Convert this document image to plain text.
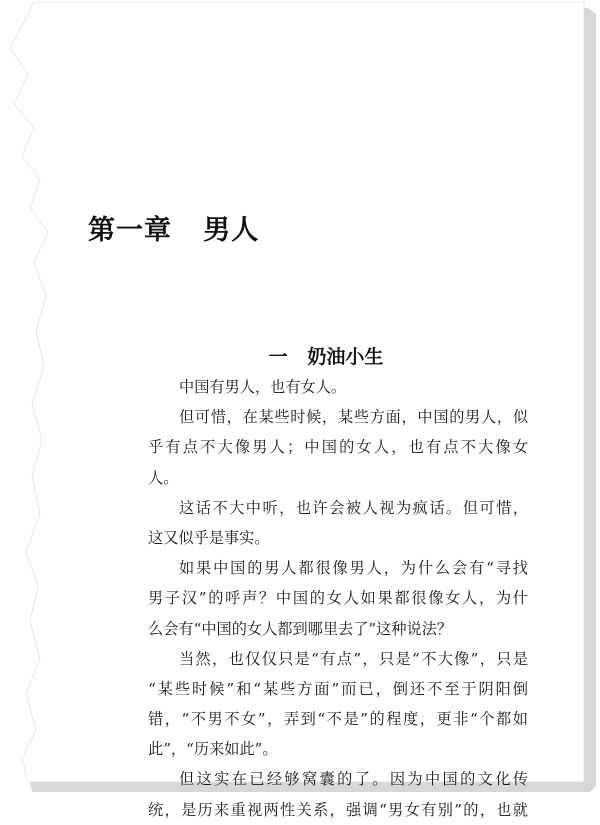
第一章   男人
一   奶油小生
中国有男人，也有女人。
但可惜，在某些时候，某些方面，中国的男人，似
乎有点不大像男人；中国的女人，也有点不大像女
人。
这话不大中听，也许会被人视为疯话。但可惜，
这又似乎是事实。
如果中国的男人都很像男人，为什么会有“寻找
男子汉”的呼声？中国的女人如果都很像女人，为什
么会有“中国的女人都到哪里去了”这种说法？
当然，也仅仅只是“有点”，只是“不大像”，只是
“某些时候”和“某些方面”而已，倒还不至于阴阳倒
错，“不男不女”，弄到“不是”的程度，更非“个都如
此”，“历来如此”。
但这实在已经够窝囊的了。因为中国的文化传
统，是历来重视两性关系，强调“男女有别”的，也就
